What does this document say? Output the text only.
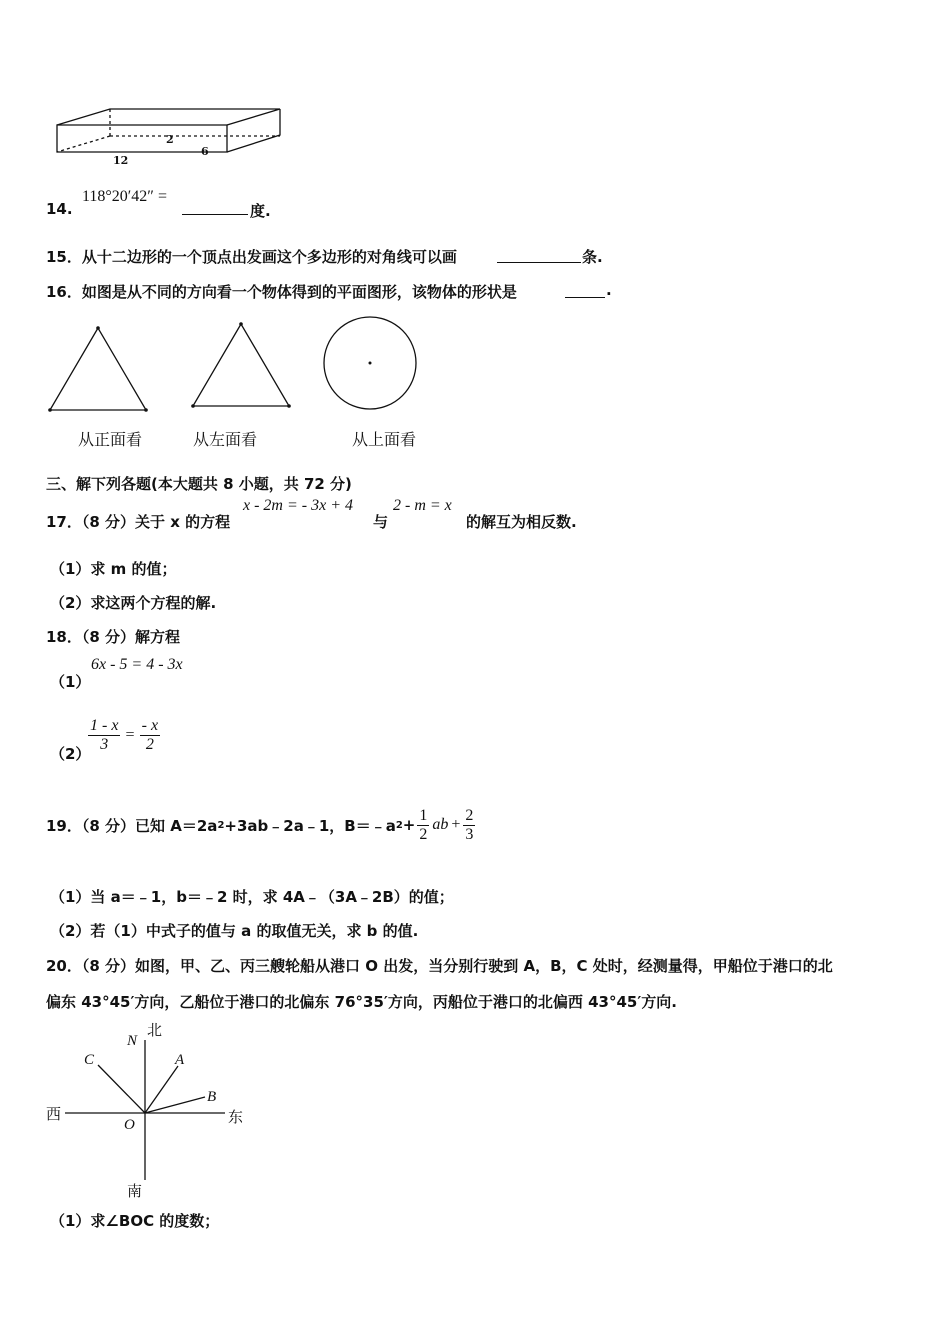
2
6
12
14.
118°20′42″ =
度.
15．从十二边形的一个顶点出发画这个多边形的对角线可以画	条.
16．如图是从不同的方向看一个物体得到的平面图形，该物体的形状是	.
从正面看	从左面看	从上面看
三、解下列各题(本大题共 8 小题，共 72 分)
17．（8 分）关于 x 的方程
x - 2m = - 3x + 4
与
2 - m = x
的解互为相反数.
（1）求 m 的值；
（2）求这两个方程的解.
18．（8 分）解方程
（1）
6x - 5 = 4 - 3x
（2）
$\frac{1 - x}{3} = \frac{- x}{2}$
19．（8 分）已知 A＝2a 2 +3ab﹣2a﹣1，B＝﹣a $2 + \frac{1}{2}$ ab + $\frac{2}{3}$
（1）当 a＝﹣1，b＝﹣2 时，求 4A﹣（3A﹣2B）的值；
（2）若（1）中式子的值与 a 的取值无关，求 b 的值.
20．（8 分）如图，甲、乙、丙三艘轮船从港口 O 出发，当分别行驶到 A，B，C 处时，经测量得，甲船位于港口的北
偏东 43°45′方向，乙船位于港口的北偏东 76°35′方向，丙船位于港口的北偏西 43°45′方向.
北
N
C	A
B
西	东
O
南
（1）求∠BOC 的度数；
